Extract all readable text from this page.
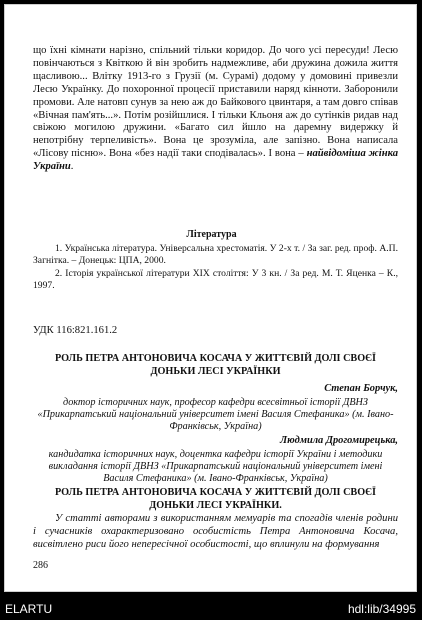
що їхні кімнати нарізно, спільний тільки коридор. До чого усі пересуди! Лесю повінчаються з Квіткою й він зробить надмежливе, аби дружина дожила життя щасливою... Влітку 1913-го з Грузії (м. Сурамі) додому у домовині привезли Лесю Українку. До похоронної процесії приставили наряд кінноти. Заборонили промови. Але натовп сунув за нею аж до Байкового цвинтаря, а там довго співав «Вічная пам'ять...». Потім розійшлися. І тільки Кльоня аж до сутінків ридав над свіжою могилою дружини. «Багато сил йшло на даремну видержку й непотрібну терпеливість». Вона це зрозуміла, але запізно. Вона написала «Лісову пісню». Вона «без надії таки сподівалась». І вона – найвідоміша жінка України.

Література

1. Українська література. Універсальна хрестоматія. У 2-х т. / За заг. ред. проф. А.П. Загнітка. – Донецьк: ЦПА, 2000.

2. Історія української літератури XIX століття: У 3 кн. / За ред. М. Т. Яценка – К., 1997.

УДК 116:821.161.2

РОЛЬ ПЕТРА АНТОНОВИЧА КОСАЧА У ЖИТТЄВІЙ ДОЛІ СВОЄЇ ДОНЬКИ ЛЕСІ УКРАЇНКИ

Степан Борчук,

доктор історичних наук, професор кафедри всесвітньої історії ДВНЗ «Прикарпатський національний університет імені Василя Стефаника» (м. Івано-Франківськ, Україна)

Людмила Дрогомирецька,

кандидатка історичних наук, доцентка кафедри історії України і методики викладання історії ДВНЗ «Прикарпатський національний університет імені Василя Стефаника» (м. Івано-Франківськ, Україна)

РОЛЬ ПЕТРА АНТОНОВИЧА КОСАЧА У ЖИТТЄВІЙ ДОЛІ СВОЄЇ ДОНЬКИ ЛЕСІ УКРАЇНКИ.

У статті авторами з використанням мемуарів та спогадів членів родини і сучасників охарактеризовано особистість Петра Антоновича Косача, висвітлено риси його непересічної особистості, що вплинули на формування

286

ELARTU	hdl:lib/34995
